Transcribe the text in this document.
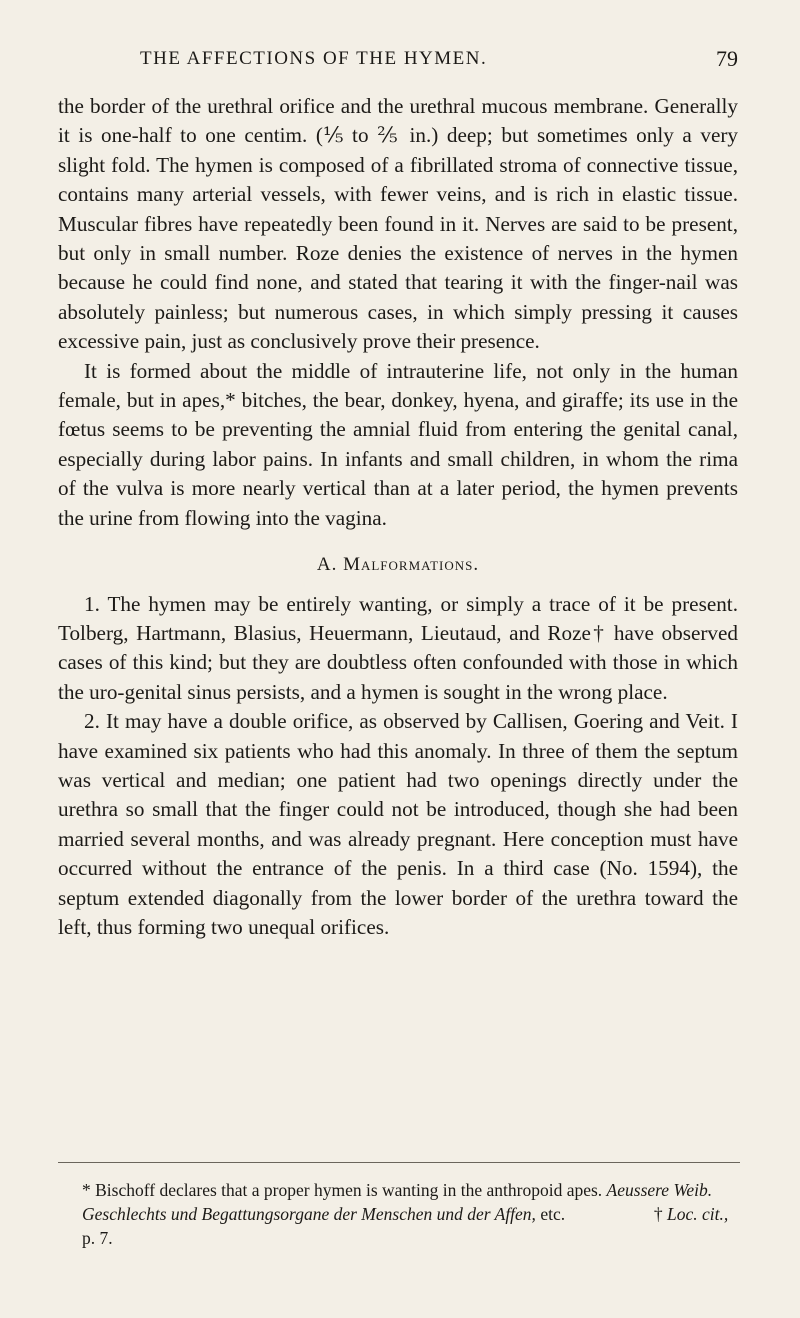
THE AFFECTIONS OF THE HYMEN.	79

the border of the urethral orifice and the urethral mucous membrane. Generally it is one-half to one centim. (⅕ to ⅖ in.) deep; but sometimes only a very slight fold. The hymen is composed of a fibrillated stroma of connective tissue, contains many arterial vessels, with fewer veins, and is rich in elastic tissue. Muscular fibres have repeatedly been found in it. Nerves are said to be present, but only in small number. Roze denies the existence of nerves in the hymen because he could find none, and stated that tearing it with the finger-nail was absolutely painless; but numerous cases, in which simply pressing it causes excessive pain, just as conclusively prove their presence.

It is formed about the middle of intrauterine life, not only in the human female, but in apes,* bitches, the bear, donkey, hyena, and giraffe; its use in the fœtus seems to be preventing the amnial fluid from entering the genital canal, especially during labor pains. In infants and small children, in whom the rima of the vulva is more nearly vertical than at a later period, the hymen prevents the urine from flowing into the vagina.

A. Malformations.

1. The hymen may be entirely wanting, or simply a trace of it be present. Tolberg, Hartmann, Blasius, Heuermann, Lieutaud, and Roze† have observed cases of this kind; but they are doubtless often confounded with those in which the uro-genital sinus persists, and a hymen is sought in the wrong place.

2. It may have a double orifice, as observed by Callisen, Goering and Veit. I have examined six patients who had this anomaly. In three of them the septum was vertical and median; one patient had two openings directly under the urethra so small that the finger could not be introduced, though she had been married several months, and was already pregnant. Here conception must have occurred without the entrance of the penis. In a third case (No. 1594), the septum extended diagonally from the lower border of the urethra toward the left, thus forming two unequal orifices.

* Bischoff declares that a proper hymen is wanting in the anthropoid apes. Aeussere Weib. Geschlechts und Begattungsorgane der Menschen und der Affen, etc.	† Loc. cit., p. 7.
